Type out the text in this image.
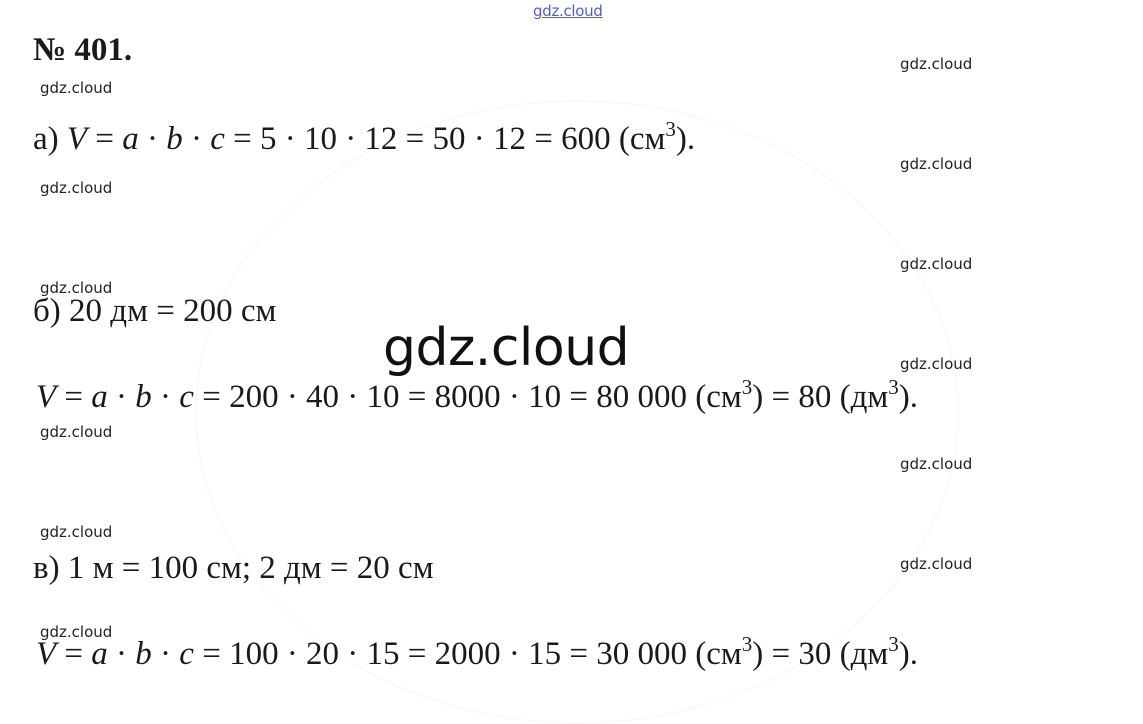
gdz.cloud
№ 401.
gdz.cloud
gdz.cloud
gdz.cloud
gdz.cloud
gdz.cloud
gdz.cloud
gdz.cloud
gdz.cloud
gdz.cloud
gdz.cloud
gdz.cloud
gdz.cloud
а) V = a · b · c = 5 · 10 · 12 = 50 · 12 = 600 $(см^3)$.
б) 20 дм = 200 см
V = a · b · c = 200 · 40 · 10 = 8000 · 10 = 80 000 $(см^3) = 80$ $(дм^3)$.
в) 1 м = 100 см; 2 дм = 20 см
V = a · b · c = 100 · 20 · 15 = 2000 · 15 = 30 000 $(см^3) = 30$ $(дм^3)$.
gdz.cloud
